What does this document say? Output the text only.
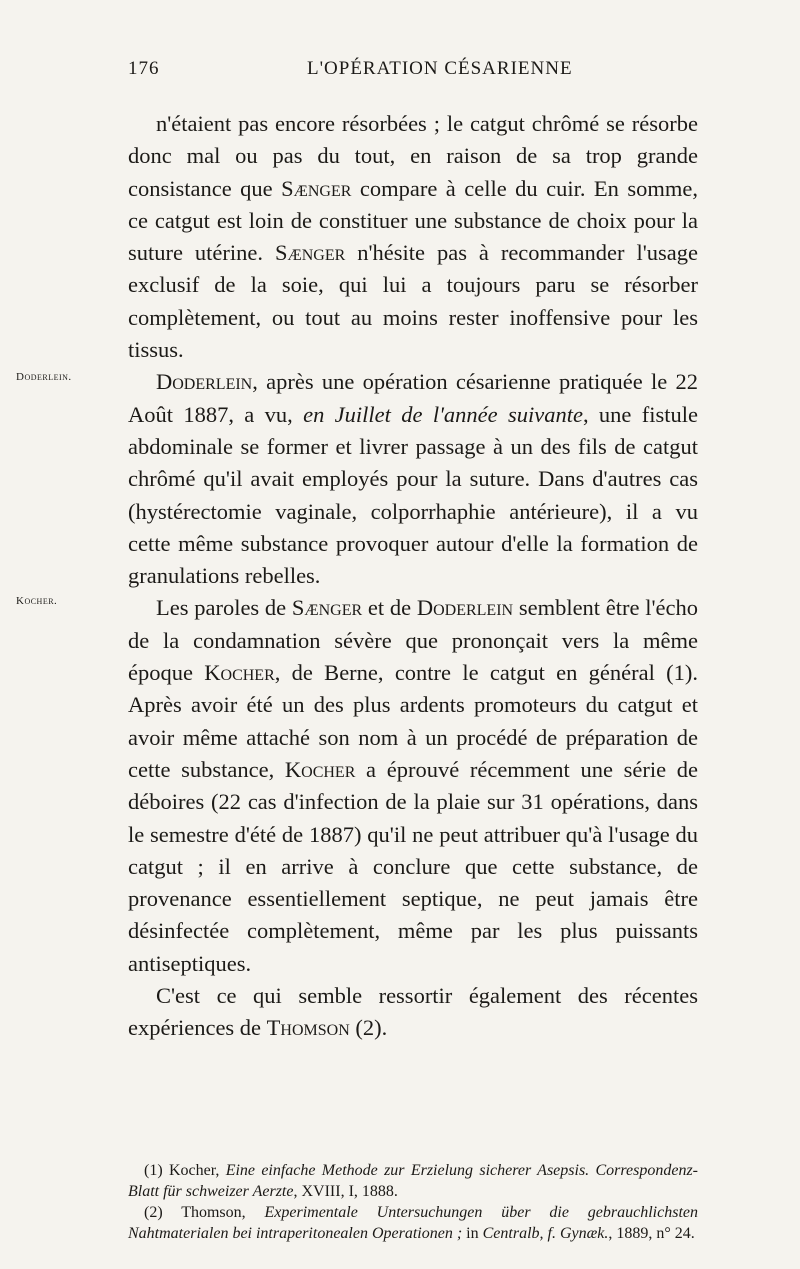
176	L'OPÉRATION CÉSARIENNE
Doderlein.
Kocher.

n'étaient pas encore résorbées ; le catgut chrômé se résorbe donc mal ou pas du tout, en raison de sa trop grande consistance que Sænger compare à celle du cuir. En somme, ce catgut est loin de constituer une substance de choix pour la suture utérine. Sænger n'hésite pas à recommander l'usage exclusif de la soie, qui lui a toujours paru se résorber complètement, ou tout au moins rester inoffensive pour les tissus.

Doderlein, après une opération césarienne pratiquée le 22 Août 1887, a vu, en Juillet de l'année suivante, une fistule abdominale se former et livrer passage à un des fils de catgut chrômé qu'il avait employés pour la suture. Dans d'autres cas (hystérectomie vaginale, colporrhaphie antérieure), il a vu cette même substance provoquer autour d'elle la formation de granulations rebelles.

Les paroles de Sænger et de Doderlein semblent être l'écho de la condamnation sévère que prononçait vers la même époque Kocher, de Berne, contre le catgut en général (1). Après avoir été un des plus ardents promoteurs du catgut et avoir même attaché son nom à un procédé de préparation de cette substance, Kocher a éprouvé récemment une série de déboires (22 cas d'infection de la plaie sur 31 opérations, dans le semestre d'été de 1887) qu'il ne peut attribuer qu'à l'usage du catgut ; il en arrive à conclure que cette substance, de provenance essentiellement septique, ne peut jamais être désinfectée complètement, même par les plus puissants antiseptiques.

C'est ce qui semble ressortir également des récentes expériences de Thomson (2).

(1) Kocher, Eine einfache Methode zur Erzielung sicherer Asepsis. Correspondenz-Blatt für schweizer Aerzte, XVIII, I, 1888.

(2) Thomson, Experimentale Untersuchungen über die gebrauchlichsten Nahtmaterialen bei intraperitonealen Operationen ; in Centralb, f. Gynæk., 1889, n° 24.
